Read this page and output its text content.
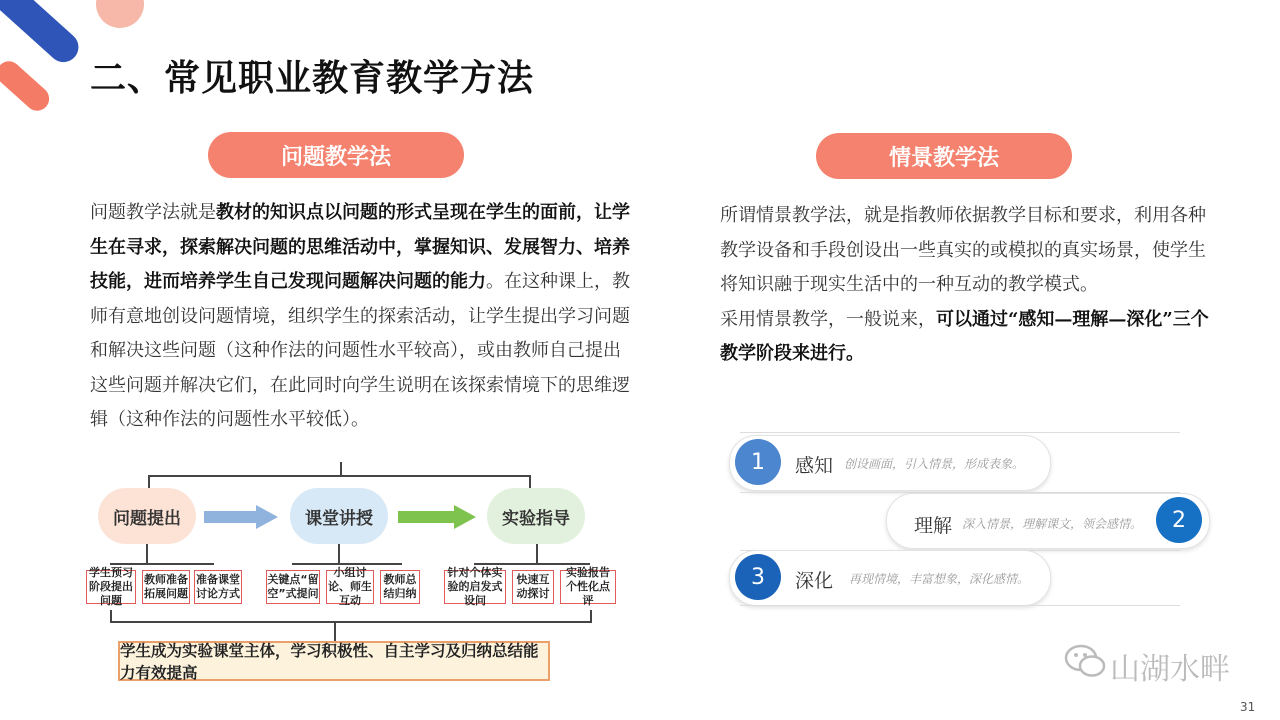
二、常见职业教育教学方法
问题教学法
问题教学法就是教材的知识点以问题的形式呈现在学生的面前，让学生在寻求，探索解决问题的思维活动中，掌握知识、发展智力、培养技能，进而培养学生自己发现问题解决问题的能力。在这种课上，教师有意地创设问题情境，组织学生的探索活动，让学生提出学习问题和解决这些问题（这种作法的问题性水平较高），或由教师自己提出这些问题并解决它们，在此同时向学生说明在该探索情境下的思维逻辑（这种作法的问题性水平较低）。
问题提出	课堂讲授	实验指导
学生预习阶段提出问题
教师准备拓展问题
准备课堂讨论方式
关键点“留空”式提问
小组讨论、师生互动
教师总结归纳
针对个体实验的启发式设问
快速互动探讨
实验报告个性化点评
学生成为实验课堂主体，学习积极性、自主学习及归纳总结能力有效提高
情景教学法
所谓情景教学法，就是指教师依据教学目标和要求，利用各种教学设备和手段创设出一些真实的或模拟的真实场景，使学生将知识融于现实生活中的一种互动的教学模式。
采用情景教学，一般说来，可以通过“感知—理解—深化”三个教学阶段来进行。
1	感知 创设画面，引入情景，形成表象。
理解 深入情景，理解课文，领会感情。	2
3	深化 再现情境，丰富想象，深化感情。
山湖水畔
31
